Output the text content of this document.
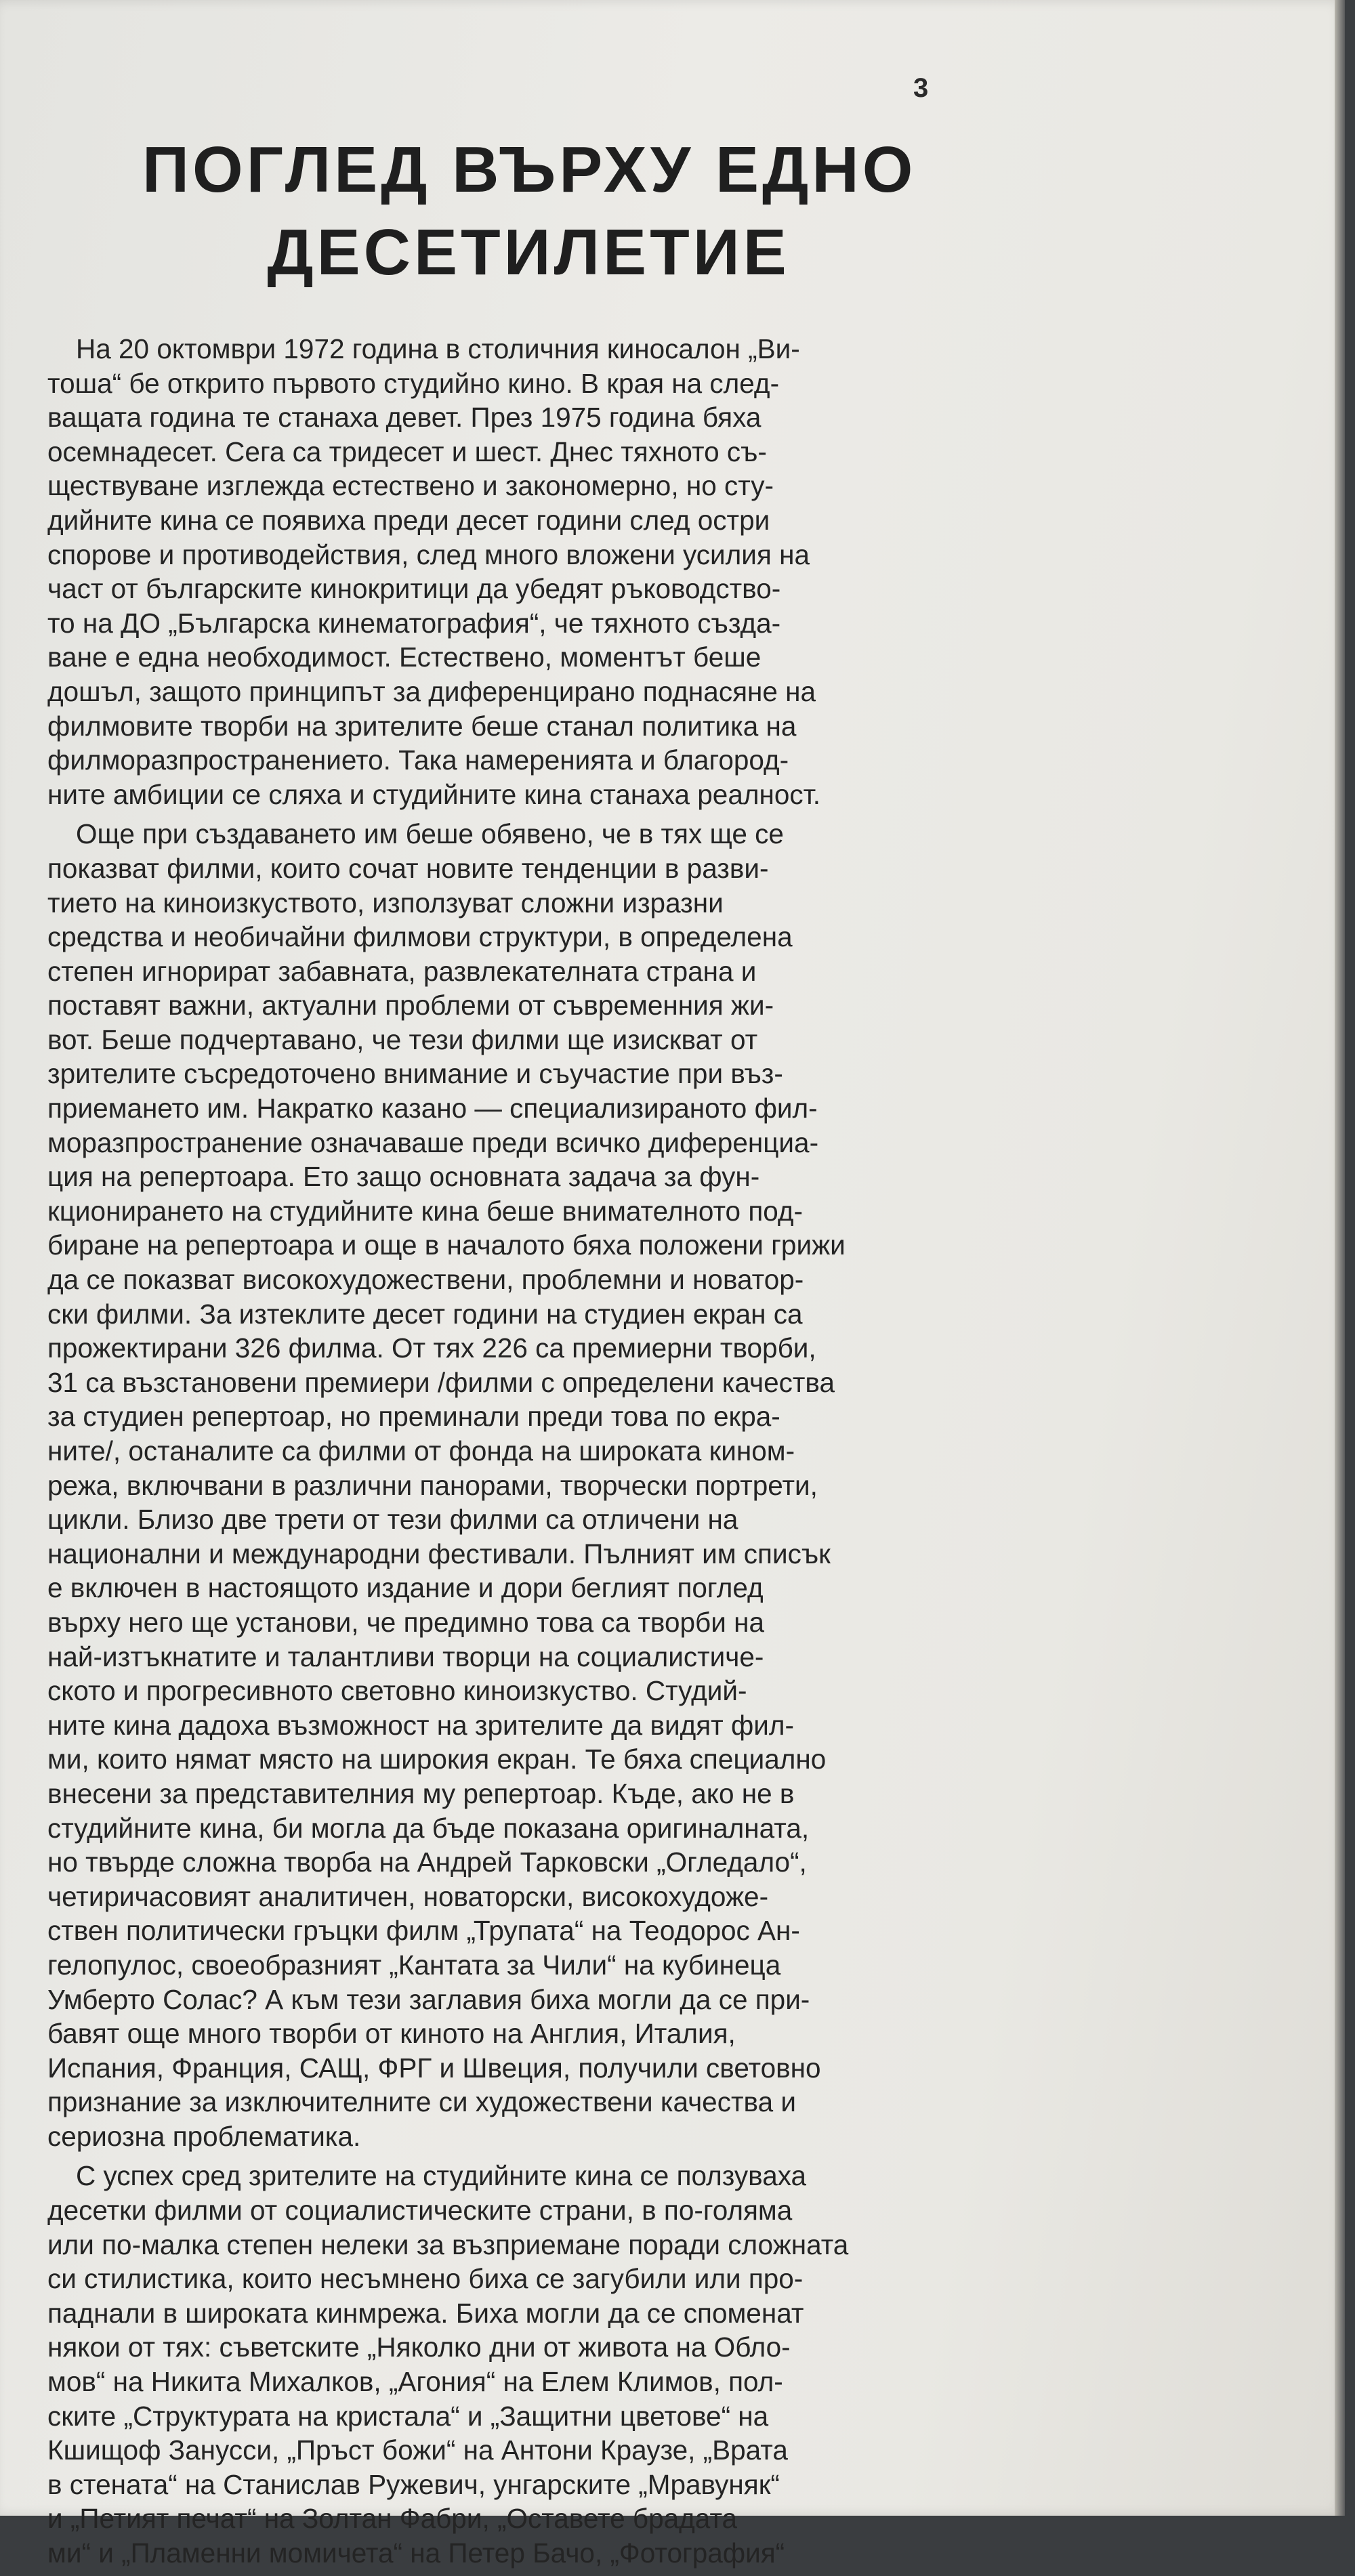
3
ПОГЛЕД ВЪРХУ ЕДНО
ДЕСЕТИЛЕТИЕ
На 20 октомври 1972 година в столичния киносалон „Ви-
тоша“ бе открито първото студийно кино. В края на след-
ващата година те станаха девет. През 1975 година бяха
осемнадесет. Сега са тридесет и шест. Днес тяхното съ-
ществуване изглежда естествено и закономерно, но сту-
дийните кина се появиха преди десет години след остри
спорове и противодействия, след много вложени усилия на
част от българските кинокритици да убедят ръководство-
то на ДО „Българска кинематография“, че тяхното създа-
ване е една необходимост. Естествено, моментът беше
дошъл, защото принципът за диференцирано поднасяне на
филмовите творби на зрителите беше станал политика на
филморазпространението. Така намеренията и благород-
ните амбиции се сляха и студийните кина станаха реалност.
Още при създаването им беше обявено, че в тях ще се
показват филми, които сочат новите тенденции в разви-
тието на киноизкуството, използуват сложни изразни
средства и необичайни филмови структури, в определена
степен игнорират забавната, развлекателната страна и
поставят важни, актуални проблеми от съвременния жи-
вот. Беше подчертавано, че тези филми ще изискват от
зрителите съсредоточено внимание и съучастие при въз-
приемането им. Накратко казано — специализираното фил-
моразпространение означаваше преди всичко диференциа-
ция на репертоара. Ето защо основната задача за фун-
кционирането на студийните кина беше внимателното под-
биране на репертоара и още в началото бяха положени грижи
да се показват високохудожествени, проблемни и новатор-
ски филми. За изтеклите десет години на студиен екран са
прожектирани 326 филма. От тях 226 са премиерни творби,
31 са възстановени премиери /филми с определени качества
за студиен репертоар, но преминали преди това по екра-
ните/, останалите са филми от фонда на широката кином-
режа, включвани в различни панорами, творчески портрети,
цикли. Близо две трети от тези филми са отличени на
национални и международни фестивали. Пълният им списък
е включен в настоящото издание и дори беглият поглед
върху него ще установи, че предимно това са творби на
най-изтъкнатите и талантливи творци на социалистиче-
ското и прогресивното световно киноизкуство. Студий-
ните кина дадоха възможност на зрителите да видят фил-
ми, които нямат място на широкия екран. Те бяха специално
внесени за представителния му репертоар. Къде, ако не в
студийните кина, би могла да бъде показана оригиналната,
но твърде сложна творба на Андрей Тарковски „Огледало“,
четиричасовият аналитичен, новаторски, високохудоже-
ствен политически гръцки филм „Трупата“ на Теодорос Ан-
гелопулос, своеобразният „Кантата за Чили“ на кубинеца
Умберто Солас? А към тези заглавия биха могли да се при-
бавят още много творби от киното на Англия, Италия,
Испания, Франция, САЩ, ФРГ и Швеция, получили световно
признание за изключителните си художествени качества и
сериозна проблематика.
С успех сред зрителите на студийните кина се ползуваха
десетки филми от социалистическите страни, в по-голяма
или по-малка степен нелеки за възприемане поради сложната
си стилистика, които несъмнено биха се загубили или про-
паднали в широката кинмрежа. Биха могли да се споменат
някои от тях: съветските „Няколко дни от живота на Обло-
мов“ на Никита Михалков, „Агония“ на Елем Климов, пол-
ските „Структурата на кристала“ и „Защитни цветове“ на
Кшищоф Занусси, „Пръст божи“ на Антони Краузе, „Врата
в стената“ на Станислав Ружевич, унгарските „Мравуняк“
и „Петият печат“ на Золтан Фабри, „Оставете брадата
ми“ и „Пламенни момичета“ на Петер Бачо, „Фотография“
